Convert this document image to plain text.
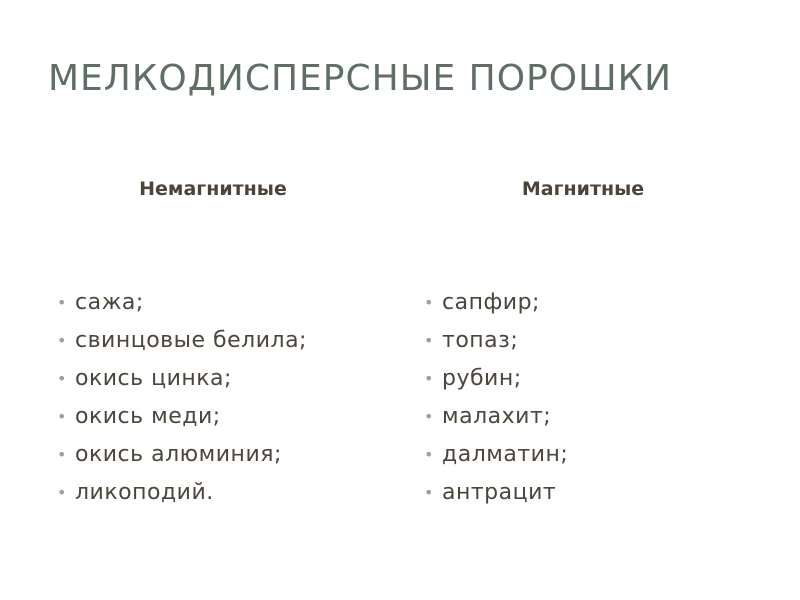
МЕЛКОДИСПЕРСНЫЕ ПОРОШКИ
Немагнитные	Магнитные
• сажа;
• свинцовые белила;
• окись цинка;
• окись меди;
• окись алюминия;
• ликоподий.
• сапфир;
• топаз;
• рубин;
• малахит;
• далматин;
• антрацит
